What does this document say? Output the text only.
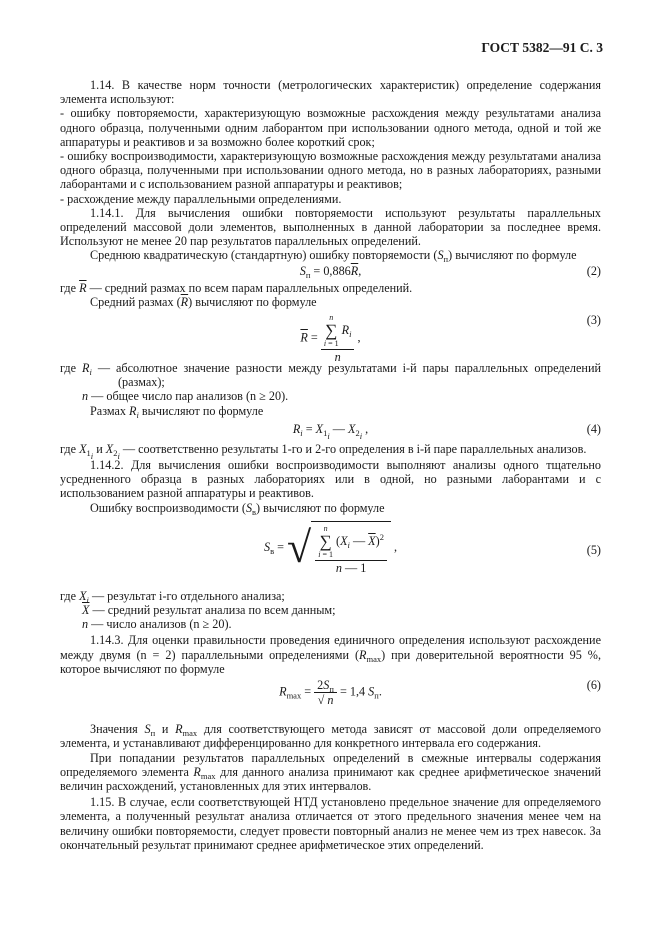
ГОСТ 5382—91 С. 3

1.14. В качестве норм точности (метрологических характеристик) определение содержания элемента используют:

- ошибку повторяемости, характеризующую возможные расхождения между результатами анализа одного образца, полученными одним лаборантом при использовании одного метода, одной и той же аппаратуры и реактивов и за возможно более короткий срок;

- ошибку воспроизводимости, характеризующую возможные расхождения между результатами анализа одного образца, полученными при использовании одного метода, но в разных лабораториях, разными лаборантами и с использованием разной аппаратуры и реактивов;

- расхождение между параллельными определениями.

1.14.1. Для вычисления ошибки повторяемости используют результаты параллельных определений массовой доли элементов, выполненных в данной лаборатории за последнее время. Используют не менее 20 пар результатов параллельных определений.

Среднюю квадратическую (стандартную) ошибку повторяемости $(S_п)$ вычисляют по формуле

$S_п = 0,886\overline{R}$,	(2)

где $\overline{R}$ — средний размах по всем парам параллельных определений.

Средний размах $(\overline{R})$ вычисляют по формуле

$\overline{R} = n$
∑
i = 1
$R_i$
n ,
(3)

где $R_i$ — абсолютное значение разности между результатами i-й пары параллельных определений (размах);

n — общее число пар анализов (n ≥ 20).

Размах $R_i$ вычисляют по формуле

$R_i = X_{1_i}$ — $X_{2_i}$ ,	(4)

где $X_{1_i}$ и $X_{2_i}$ — соответственно результаты 1-го и 2-го определения в i-й паре параллельных анализов.

1.14.2. Для вычисления ошибки воспроизводимости выполняют анализы одного тщательно усредненного образца в разных лабораториях или в одной, но разными лаборантами и с использованием разной аппаратуры и реактивов.

Ошибку воспроизводимости $(S_в)$ вычисляют по формуле

$S_в$ = √ n
∑
i = 1
($X_i$ — $\overline{X})^2$
n — 1 ,	(5)

где $X_i$ — результат i-го отдельного анализа;

$\overline{X}$ — средний результат анализа по всем данным;

n — число анализов (n ≥ 20).

1.14.3. Для оценки правильности проведения единичного определения используют расхождение между двумя (n = 2) параллельными определениями $(R_{max})$ при доверительной вероятности 95 %, которое вычисляют по формуле

$R_{max} = \frac{2S_п}{√ n} = 1,4$ $S_п$.	(6)

Значения $S_п$ и $R_{max}$ для соответствующего метода зависят от массовой доли определяемого элемента, и устанавливают дифференцированно для конкретного интервала его содержания.

При попадании результатов параллельных определений в смежные интервалы содержания определяемого элемента $R_{max}$ для данного анализа принимают как среднее арифметическое значений величин расхождений, установленных для этих интервалов.

1.15. В случае, если соответствующей НТД установлено предельное значение для определяемого элемента, а полученный результат анализа отличается от этого предельного значения менее чем на величину ошибки повторяемости, следует провести повторный анализ не менее чем из трех навесок. За окончательный результат принимают среднее арифметическое этих определений.
